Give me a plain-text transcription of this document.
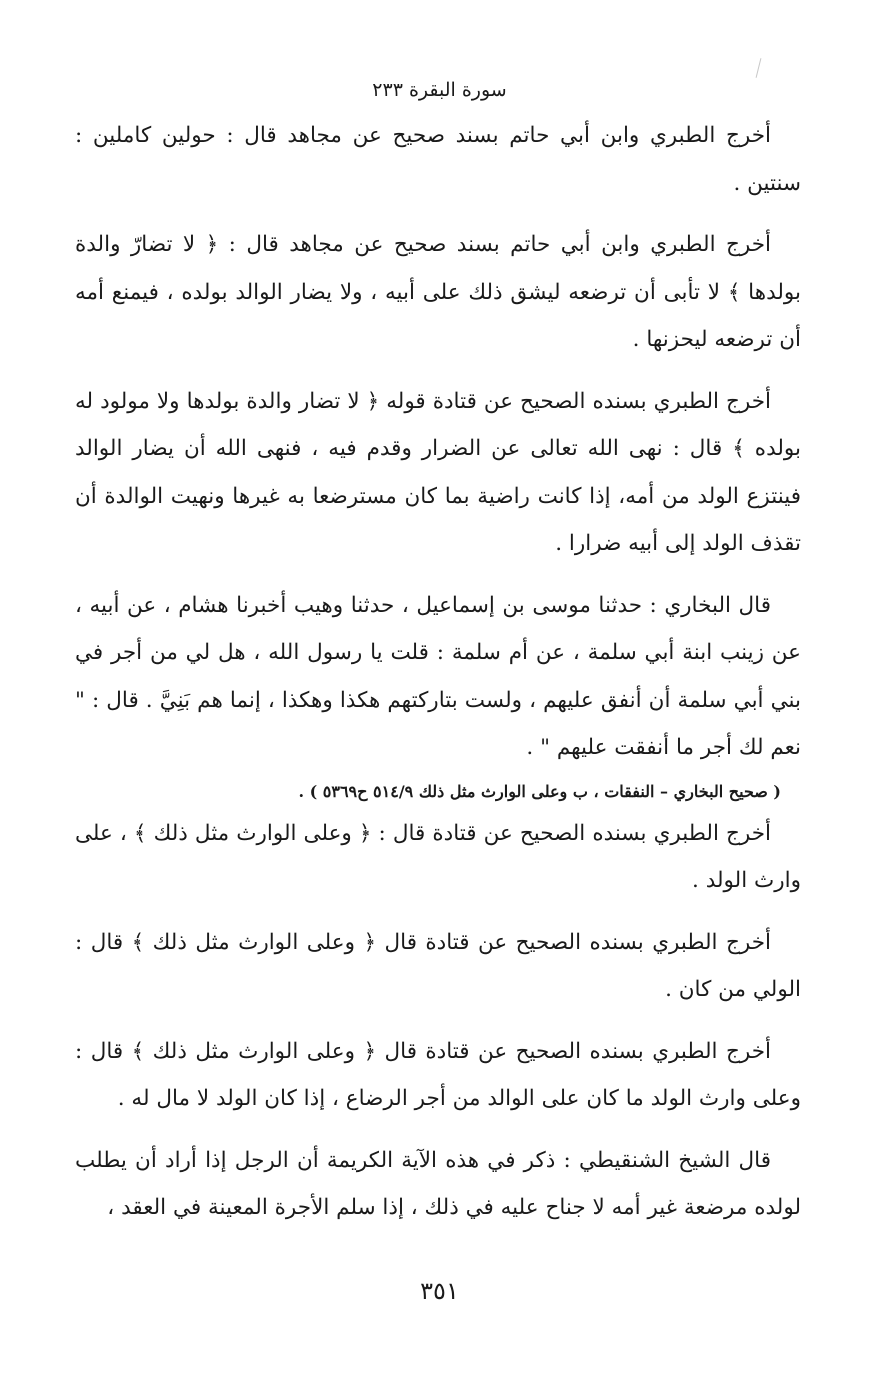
سورة البقرة ٢٣٣

أخرج الطبري وابن أبي حاتم بسند صحيح عن مجاهد قال : حولين كاملين : سنتين .

أخرج الطبري وابن أبي حاتم بسند صحيح عن مجاهد قال : ﴿ لا تضارّ والدة بولدها ﴾ لا تأبى أن ترضعه ليشق ذلك على أبيه ، ولا يضار الوالد بولده ، فيمنع أمه أن ترضعه ليحزنها .

أخرج الطبري بسنده الصحيح عن قتادة قوله ﴿ لا تضار والدة بولدها ولا مولود له بولده ﴾ قال : نهى الله تعالى عن الضرار وقدم فيه ، فنهى الله أن يضار الوالد فينتزع الولد من أمه، إذا كانت راضية بما كان مسترضعا به غيرها ونهيت الوالدة أن تقذف الولد إلى أبيه ضرارا .

قال البخاري : حدثنا موسى بن إسماعيل ، حدثنا وهيب أخبرنا هشام ، عن أبيه ، عن زينب ابنة أبي سلمة ، عن أم سلمة : قلت يا رسول الله ، هل لي من أجر في بني أبي سلمة أن أنفق عليهم ، ولست بتاركتهم هكذا وهكذا ، إنما هم بَنِيَّ . قال : " نعم لك أجر ما أنفقت عليهم " .

( صحيح البخاري – النفقات ، ب وعلى الوارث مثل ذلك ٥١٤/٩ ح٥٣٦٩ ) .

أخرج الطبري بسنده الصحيح عن قتادة قال : ﴿ وعلى الوارث مثل ذلك ﴾ ، على وارث الولد .

أخرج الطبري بسنده الصحيح عن قتادة قال ﴿ وعلى الوارث مثل ذلك ﴾ قال : الولي من كان .

أخرج الطبري بسنده الصحيح عن قتادة قال ﴿ وعلى الوارث مثل ذلك ﴾ قال : وعلى وارث الولد ما كان على الوالد من أجر الرضاع ، إذا كان الولد لا مال له .

قال الشيخ الشنقيطي : ذكر في هذه الآية الكريمة أن الرجل إذا أراد أن يطلب لولده مرضعة غير أمه لا جناح عليه في ذلك ، إذا سلم الأجرة المعينة في العقد ،

٣٥١
